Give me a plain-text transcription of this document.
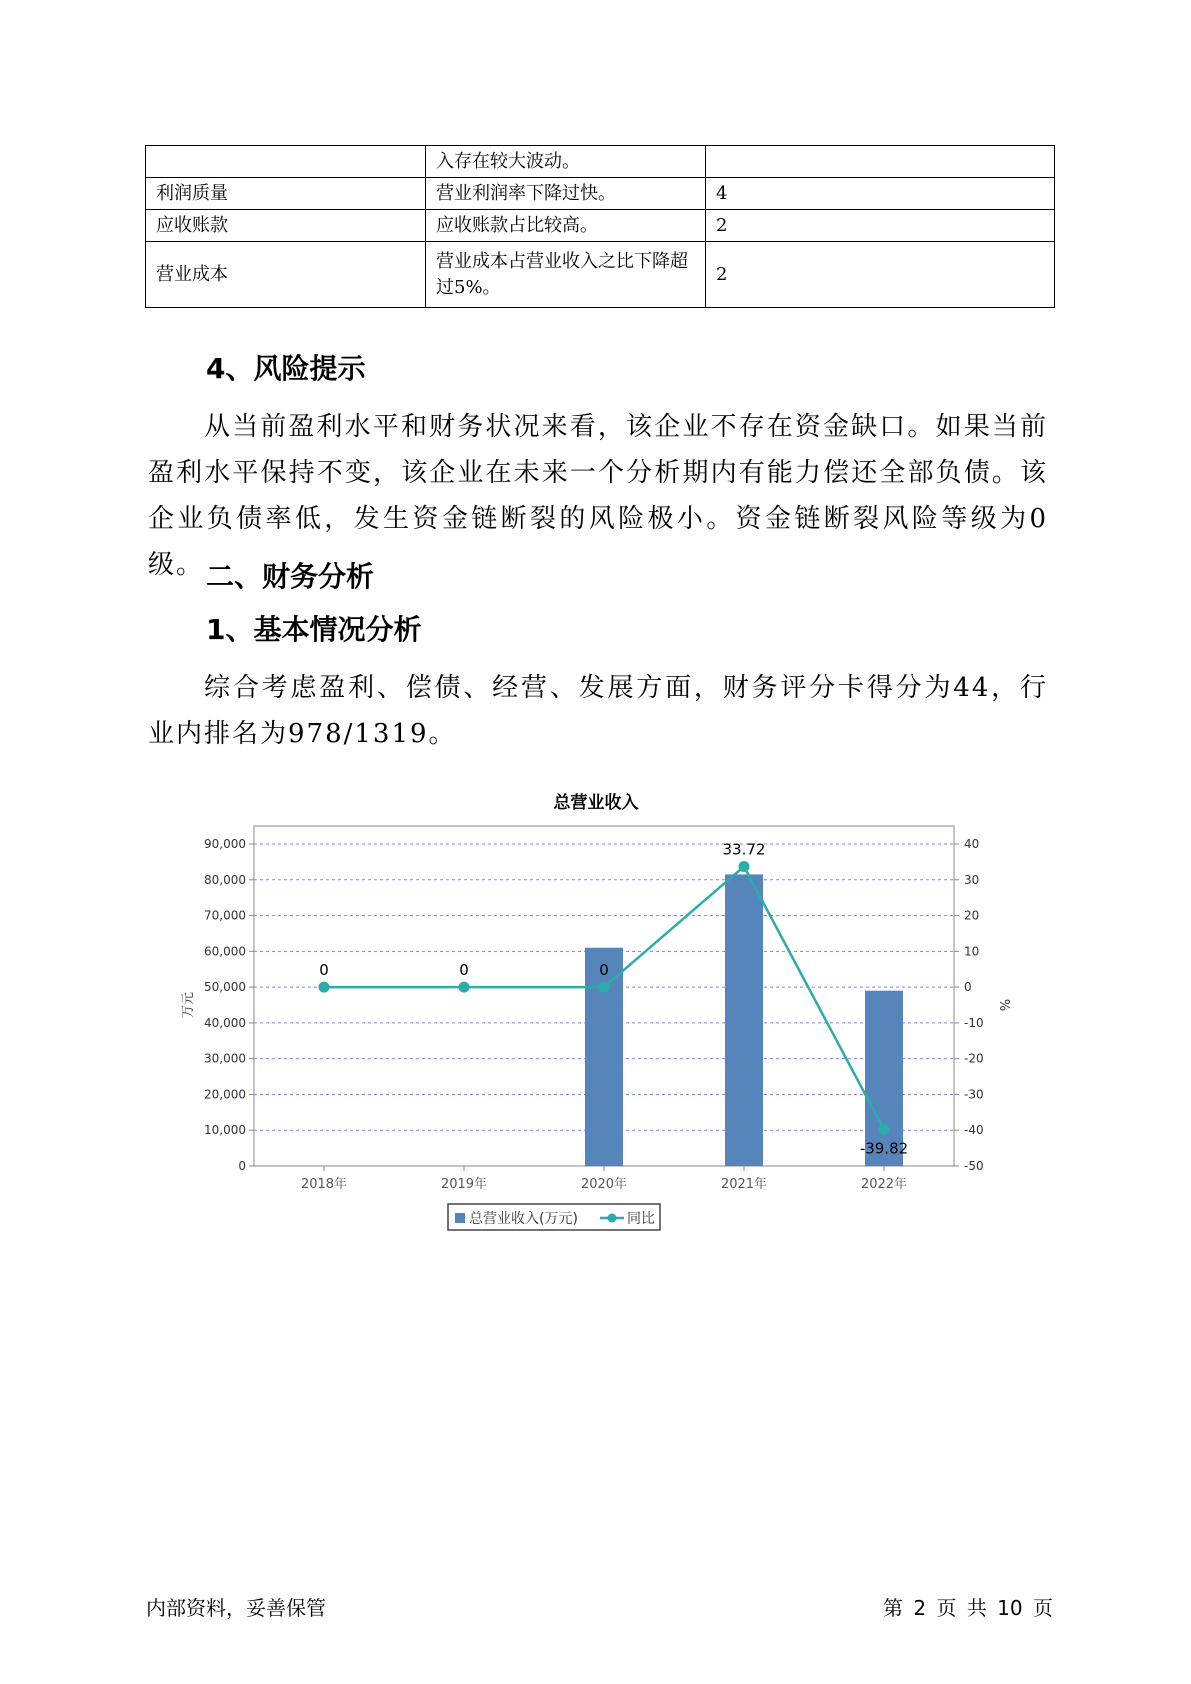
	入存在较大波动。	
利润质量	营业利润率下降过快。	4
应收账款	应收账款占比较高。	2
营业成本	营业成本占营业收入之比下降超过5%。	2
4、风险提示

从当前盈利水平和财务状况来看，该企业不存在资金缺口。如果当前盈利水平保持不变，该企业在未来一个分析期内有能力偿还全部负债。该企业负债率低，发生资金链断裂的风险极小。资金链断裂风险等级为0级。 二、财务分析
1、基本情况分析

综合考虑盈利、偿债、经营、发展方面，财务评分卡得分为44，行业内排名为978/1319。

总营业收入
0
10,000
20,000
30,000
40,000
50,000
60,000
70,000
80,000
90,000
-50
-40
-30
-20
-10
0
10
20
30
40
万元	%
2018年	2019年	2020年	2021年	2022年
0	0	0
33.72
-39.82
总营业收入(万元)	同比
内部资料，妥善保管	第 2 页 共 10 页
